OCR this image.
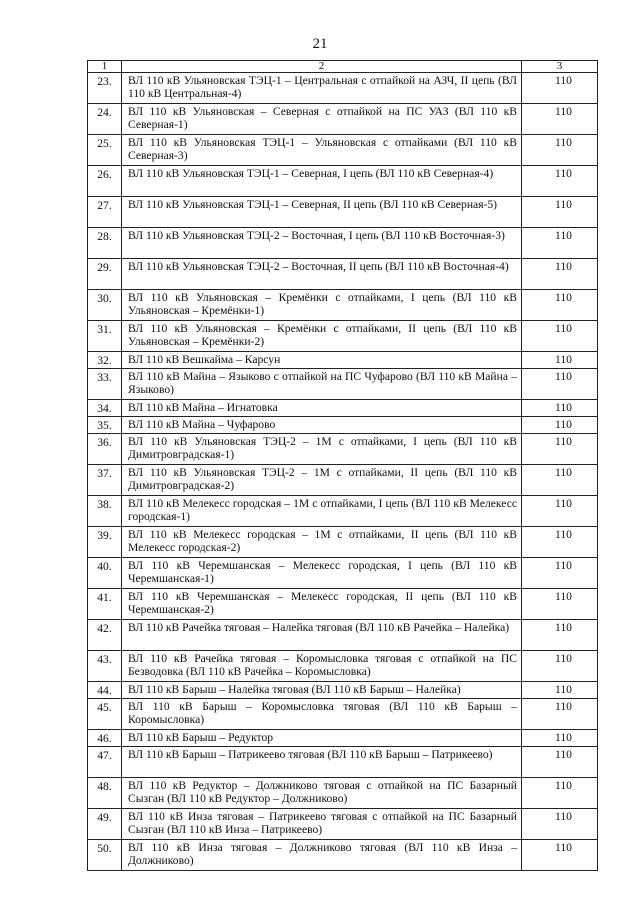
21
1	2	3
23.	ВЛ 110 кВ Ульяновская ТЭЦ-1 – Центральная с отпайкой на АЗЧ, II цепь (ВЛ 110 кВ Центральная-4)	110
24.	ВЛ 110 кВ Ульяновская – Северная с отпайкой на ПС УАЗ (ВЛ 110 кВ Северная-1)	110
25.	ВЛ 110 кВ Ульяновская ТЭЦ-1 – Ульяновская с отпайками (ВЛ 110 кВ Северная-3)	110
26.	ВЛ 110 кВ Ульяновская ТЭЦ-1 – Северная, I цепь (ВЛ 110 кВ Северная-4)	110
27.	ВЛ 110 кВ Ульяновская ТЭЦ-1 – Северная, II цепь (ВЛ 110 кВ Северная-5)	110
28.	ВЛ 110 кВ Ульяновская ТЭЦ-2 – Восточная, I цепь (ВЛ 110 кВ Восточная-3)	110
29.	ВЛ 110 кВ Ульяновская ТЭЦ-2 – Восточная, II цепь (ВЛ 110 кВ Восточная-4)	110
30.	ВЛ 110 кВ Ульяновская – Кремёнки с отпайками, I цепь (ВЛ 110 кВ Ульяновская – Кремёнки-1)	110
31.	ВЛ 110 кВ Ульяновская – Кремёнки с отпайками, II цепь (ВЛ 110 кВ Ульяновская – Кремёнки-2)	110
32.	ВЛ 110 кВ Вешкайма – Карсун	110
33.	ВЛ 110 кВ Майна – Языково с отпайкой на ПС Чуфарово (ВЛ 110 кВ Майна – Языково)	110
34.	ВЛ 110 кВ Майна – Игнатовка	110
35.	ВЛ 110 кВ Майна – Чуфарово	110
36.	ВЛ 110 кВ Ульяновская ТЭЦ-2 – 1М с отпайками, I цепь (ВЛ 110 кВ Димитровградская-1)	110
37.	ВЛ 110 кВ Ульяновская ТЭЦ-2 – 1М с отпайками, II цепь (ВЛ 110 кВ Димитровградская-2)	110
38.	ВЛ 110 кВ Мелекесс городская – 1М с отпайками, I цепь (ВЛ 110 кВ Мелекесс городская-1)	110
39.	ВЛ 110 кВ Мелекесс городская – 1М с отпайками, II цепь (ВЛ 110 кВ Мелекесс городская-2)	110
40.	ВЛ 110 кВ Черемшанская – Мелекесс городская, I цепь (ВЛ 110 кВ Черемшанская-1)	110
41.	ВЛ 110 кВ Черемшанская – Мелекесс городская, II цепь (ВЛ 110 кВ Черемшанская-2)	110
42.	ВЛ 110 кВ Рачейка тяговая – Налейка тяговая (ВЛ 110 кВ Рачейка – Налейка)	110
43.	ВЛ 110 кВ Рачейка тяговая – Коромысловка тяговая с отпайкой на ПС Безводовка (ВЛ 110 кВ Рачейка – Коромысловка)	110
44.	ВЛ 110 кВ Барыш – Налейка тяговая (ВЛ 110 кВ Барыш – Налейка)	110
45.	ВЛ 110 кВ Барыш – Коромысловка тяговая (ВЛ 110 кВ Барыш – Коромысловка)	110
46.	ВЛ 110 кВ Барыш – Редуктор	110
47.	ВЛ 110 кВ Барыш – Патрикеево тяговая (ВЛ 110 кВ Барыш – Патрикеево)	110
48.	ВЛ 110 кВ Редуктор – Должниково тяговая с отпайкой на ПС Базарный Сызган (ВЛ 110 кВ Редуктор – Должниково)	110
49.	ВЛ 110 кВ Инза тяговая – Патрикеево тяговая с отпайкой на ПС Базарный Сызган (ВЛ 110 кВ Инза – Патрикеево)	110
50.	ВЛ 110 кВ Инза тяговая – Должниково тяговая (ВЛ 110 кВ Инза – Должниково)	110
